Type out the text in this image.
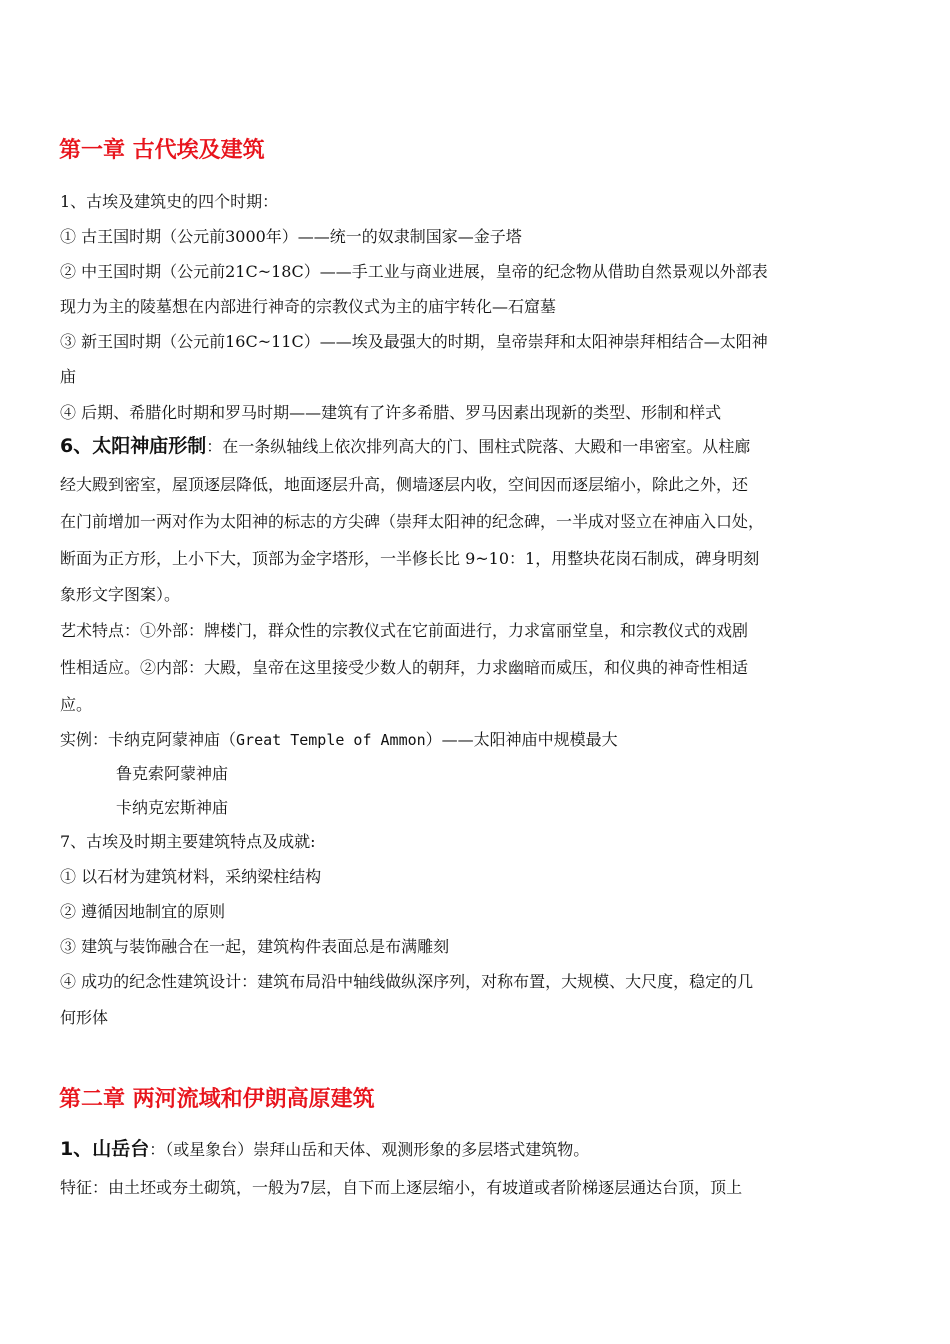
第一章 古代埃及建筑
1、古埃及建筑史的四个时期：
① 古王国时期（公元前3000年）——统一的奴隶制国家—金子塔
② 中王国时期（公元前21C~18C）——手工业与商业进展，皇帝的纪念物从借助自然景观以外部表
现力为主的陵墓想在内部进行神奇的宗教仪式为主的庙宇转化—石窟墓
③ 新王国时期（公元前16C~11C）——埃及最强大的时期，皇帝崇拜和太阳神崇拜相结合—太阳神
庙
④ 后期、希腊化时期和罗马时期——建筑有了许多希腊、罗马因素出现新的类型、形制和样式
6、太阳神庙形制：在一条纵轴线上依次排列高大的门、围柱式院落、大殿和一串密室。从柱廊
经大殿到密室，屋顶逐层降低，地面逐层升高，侧墙逐层内收，空间因而逐层缩小，除此之外，还
在门前增加一两对作为太阳神的标志的方尖碑（崇拜太阳神的纪念碑，一半成对竖立在神庙入口处，
断面为正方形，上小下大，顶部为金字塔形，一半修长比 9~10：1，用整块花岗石制成，碑身明刻
象形文字图案）。
艺术特点：①外部：牌楼门，群众性的宗教仪式在它前面进行，力求富丽堂皇，和宗教仪式的戏剧
性相适应。②内部：大殿，皇帝在这里接受少数人的朝拜，力求幽暗而威压，和仪典的神奇性相适
应。
实例：卡纳克阿蒙神庙（Great Temple of Ammon）——太阳神庙中规模最大
鲁克索阿蒙神庙
卡纳克宏斯神庙
7、古埃及时期主要建筑特点及成就:
① 以石材为建筑材料，采纳梁柱结构
② 遵循因地制宜的原则
③ 建筑与装饰融合在一起，建筑构件表面总是布满雕刻
④ 成功的纪念性建筑设计：建筑布局沿中轴线做纵深序列，对称布置，大规模、大尺度，稳定的几
何形体
第二章 两河流域和伊朗高原建筑
1、山岳台：（或星象台）崇拜山岳和天体、观测形象的多层塔式建筑物。
特征：由土坯或夯土砌筑，一般为7层，自下而上逐层缩小，有坡道或者阶梯逐层通达台顶，顶上
